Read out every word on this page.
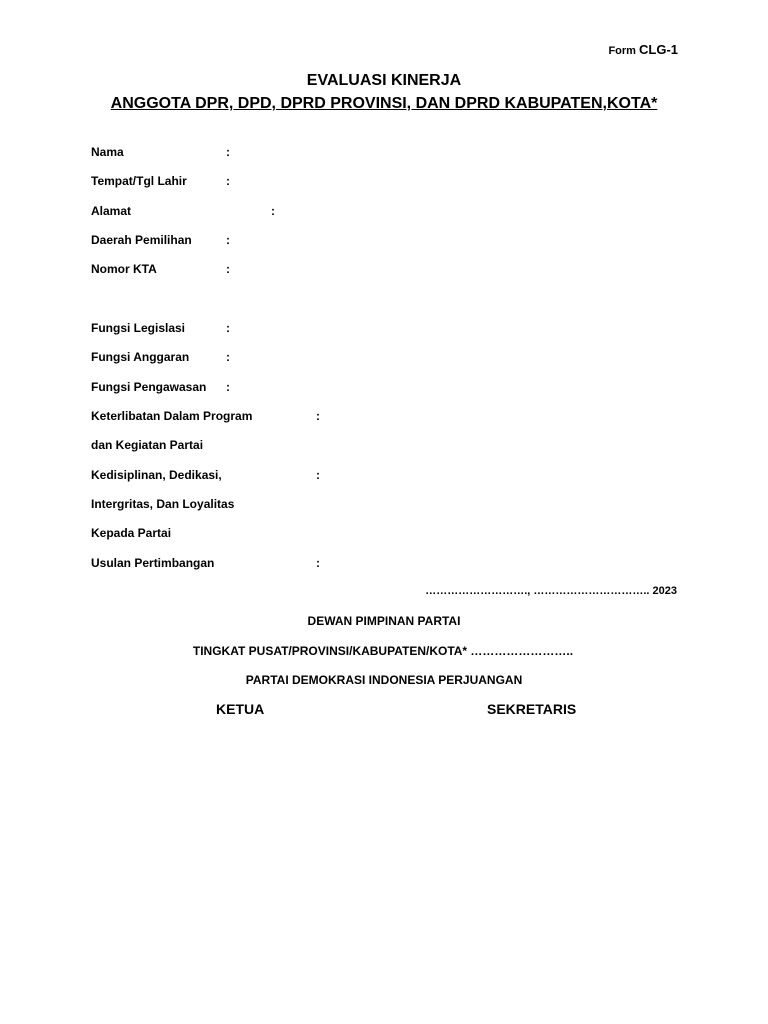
Form CLG-1
EVALUASI KINERJA
ANGGOTA DPR, DPD, DPRD PROVINSI, DAN DPRD KABUPATEN,KOTA*
Nama	:
Tempat/Tgl Lahir	:
Alamat	:
Daerah Pemilihan	:
Nomor KTA	:
Fungsi Legislasi	:
Fungsi Anggaran	:
Fungsi Pengawasan :
Keterlibatan Dalam Program	:
dan Kegiatan Partai
Kedisiplinan, Dedikasi,	:
Intergritas, Dan Loyalitas
Kepada Partai
Usulan Pertimbangan	:
………………………., ………………………….. 2023
DEWAN PIMPINAN PARTAI
TINGKAT PUSAT/PROVINSI/KABUPATEN/KOTA* ……………………..
PARTAI DEMOKRASI INDONESIA PERJUANGAN
KETUA	SEKRETARIS
